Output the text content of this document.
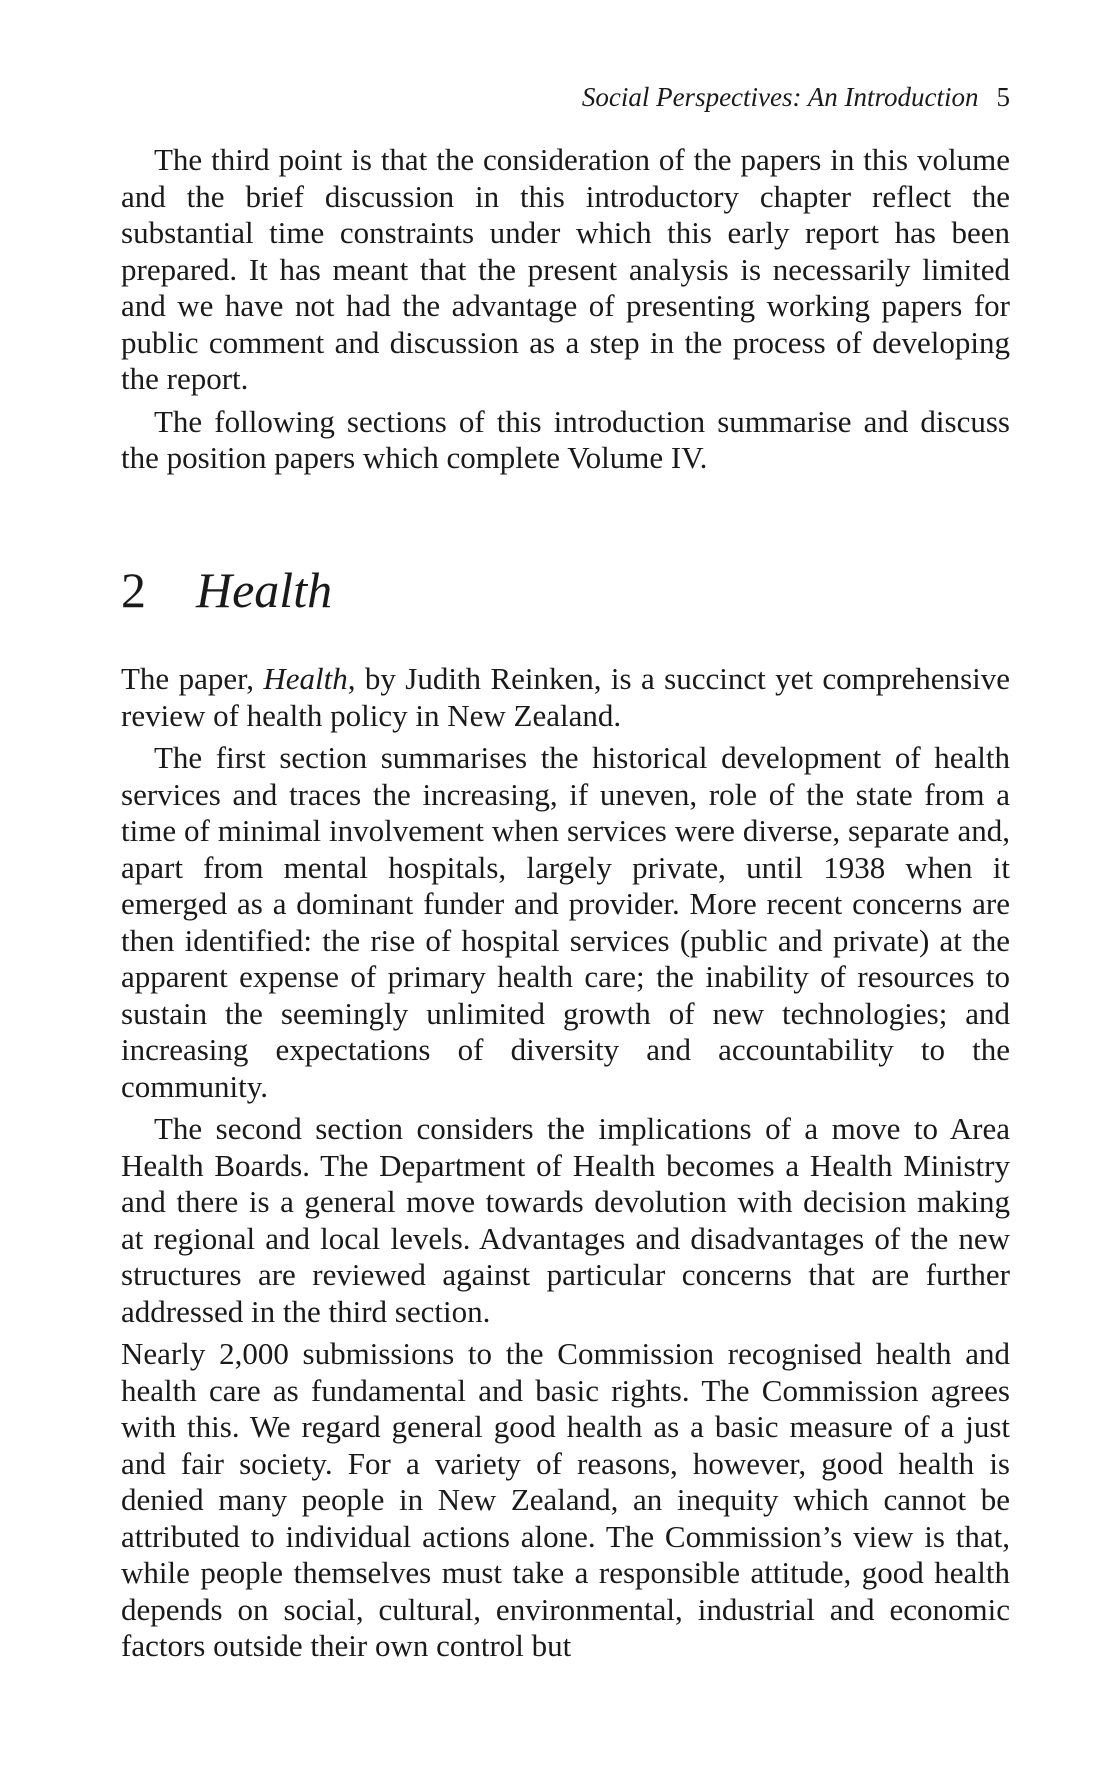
Social Perspectives: An Introduction 5

The third point is that the consideration of the papers in this volume and the brief discussion in this introductory chapter reflect the substantial time constraints under which this early report has been prepared. It has meant that the present analysis is necessarily limited and we have not had the advantage of presenting working papers for public comment and discussion as a step in the process of developing the report.

The following sections of this introduction summarise and discuss the position papers which complete Volume IV.

2 Health

The paper, Health, by Judith Reinken, is a succinct yet comprehensive review of health policy in New Zealand.

The first section summarises the historical development of health services and traces the increasing, if uneven, role of the state from a time of minimal involvement when services were diverse, separate and, apart from mental hospitals, largely private, until 1938 when it emerged as a dominant funder and provider. More recent concerns are then identified: the rise of hospital services (public and private) at the apparent expense of primary health care; the inability of resources to sustain the seemingly unlimited growth of new technologies; and increasing expectations of diversity and accountability to the community.

The second section considers the implications of a move to Area Health Boards. The Department of Health becomes a Health Ministry and there is a general move towards devolution with decision making at regional and local levels. Advantages and disadvantages of the new structures are reviewed against particular concerns that are further addressed in the third section.

Nearly 2,000 submissions to the Commission recognised health and health care as fundamental and basic rights. The Commission agrees with this. We regard general good health as a basic measure of a just and fair society. For a variety of reasons, however, good health is denied many people in New Zealand, an inequity which cannot be attributed to individual actions alone. The Commission’s view is that, while people themselves must take a responsible attitude, good health depends on social, cultural, environmental, industrial and economic factors outside their own control but
